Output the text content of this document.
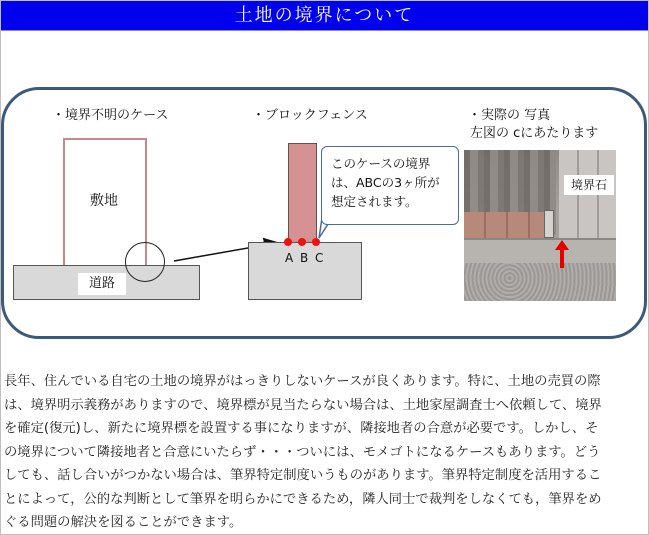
土地の境界について
・境界不明のケース
敷地
道路
・ブロックフェンス
A B C
このケースの境界
は、ABCの3ヶ所が
想定されます。
・実際の 写真
左図の cにあたります
境界石
長年、住んでいる自宅の土地の境界がはっきりしないケースが良くあります。特に、土地の売買の際
は、境界明示義務がありますので、境界標が見当たらない場合は、土地家屋調査士へ依頼して、境界
を確定(復元)し、新たに境界標を設置する事になりますが、隣接地者の合意が必要です。しかし、そ
の境界について隣接地者と合意にいたらず・・・ついには、モメゴトになるケースもあります。どう
しても、話し合いがつかない場合は、筆界特定制度いうものがあります。筆界特定制度を活用するこ
とによって，公的な判断として筆界を明らかにできるため，隣人同士で裁判をしなくても，筆界をめ
ぐる問題の解決を図ることができます。
